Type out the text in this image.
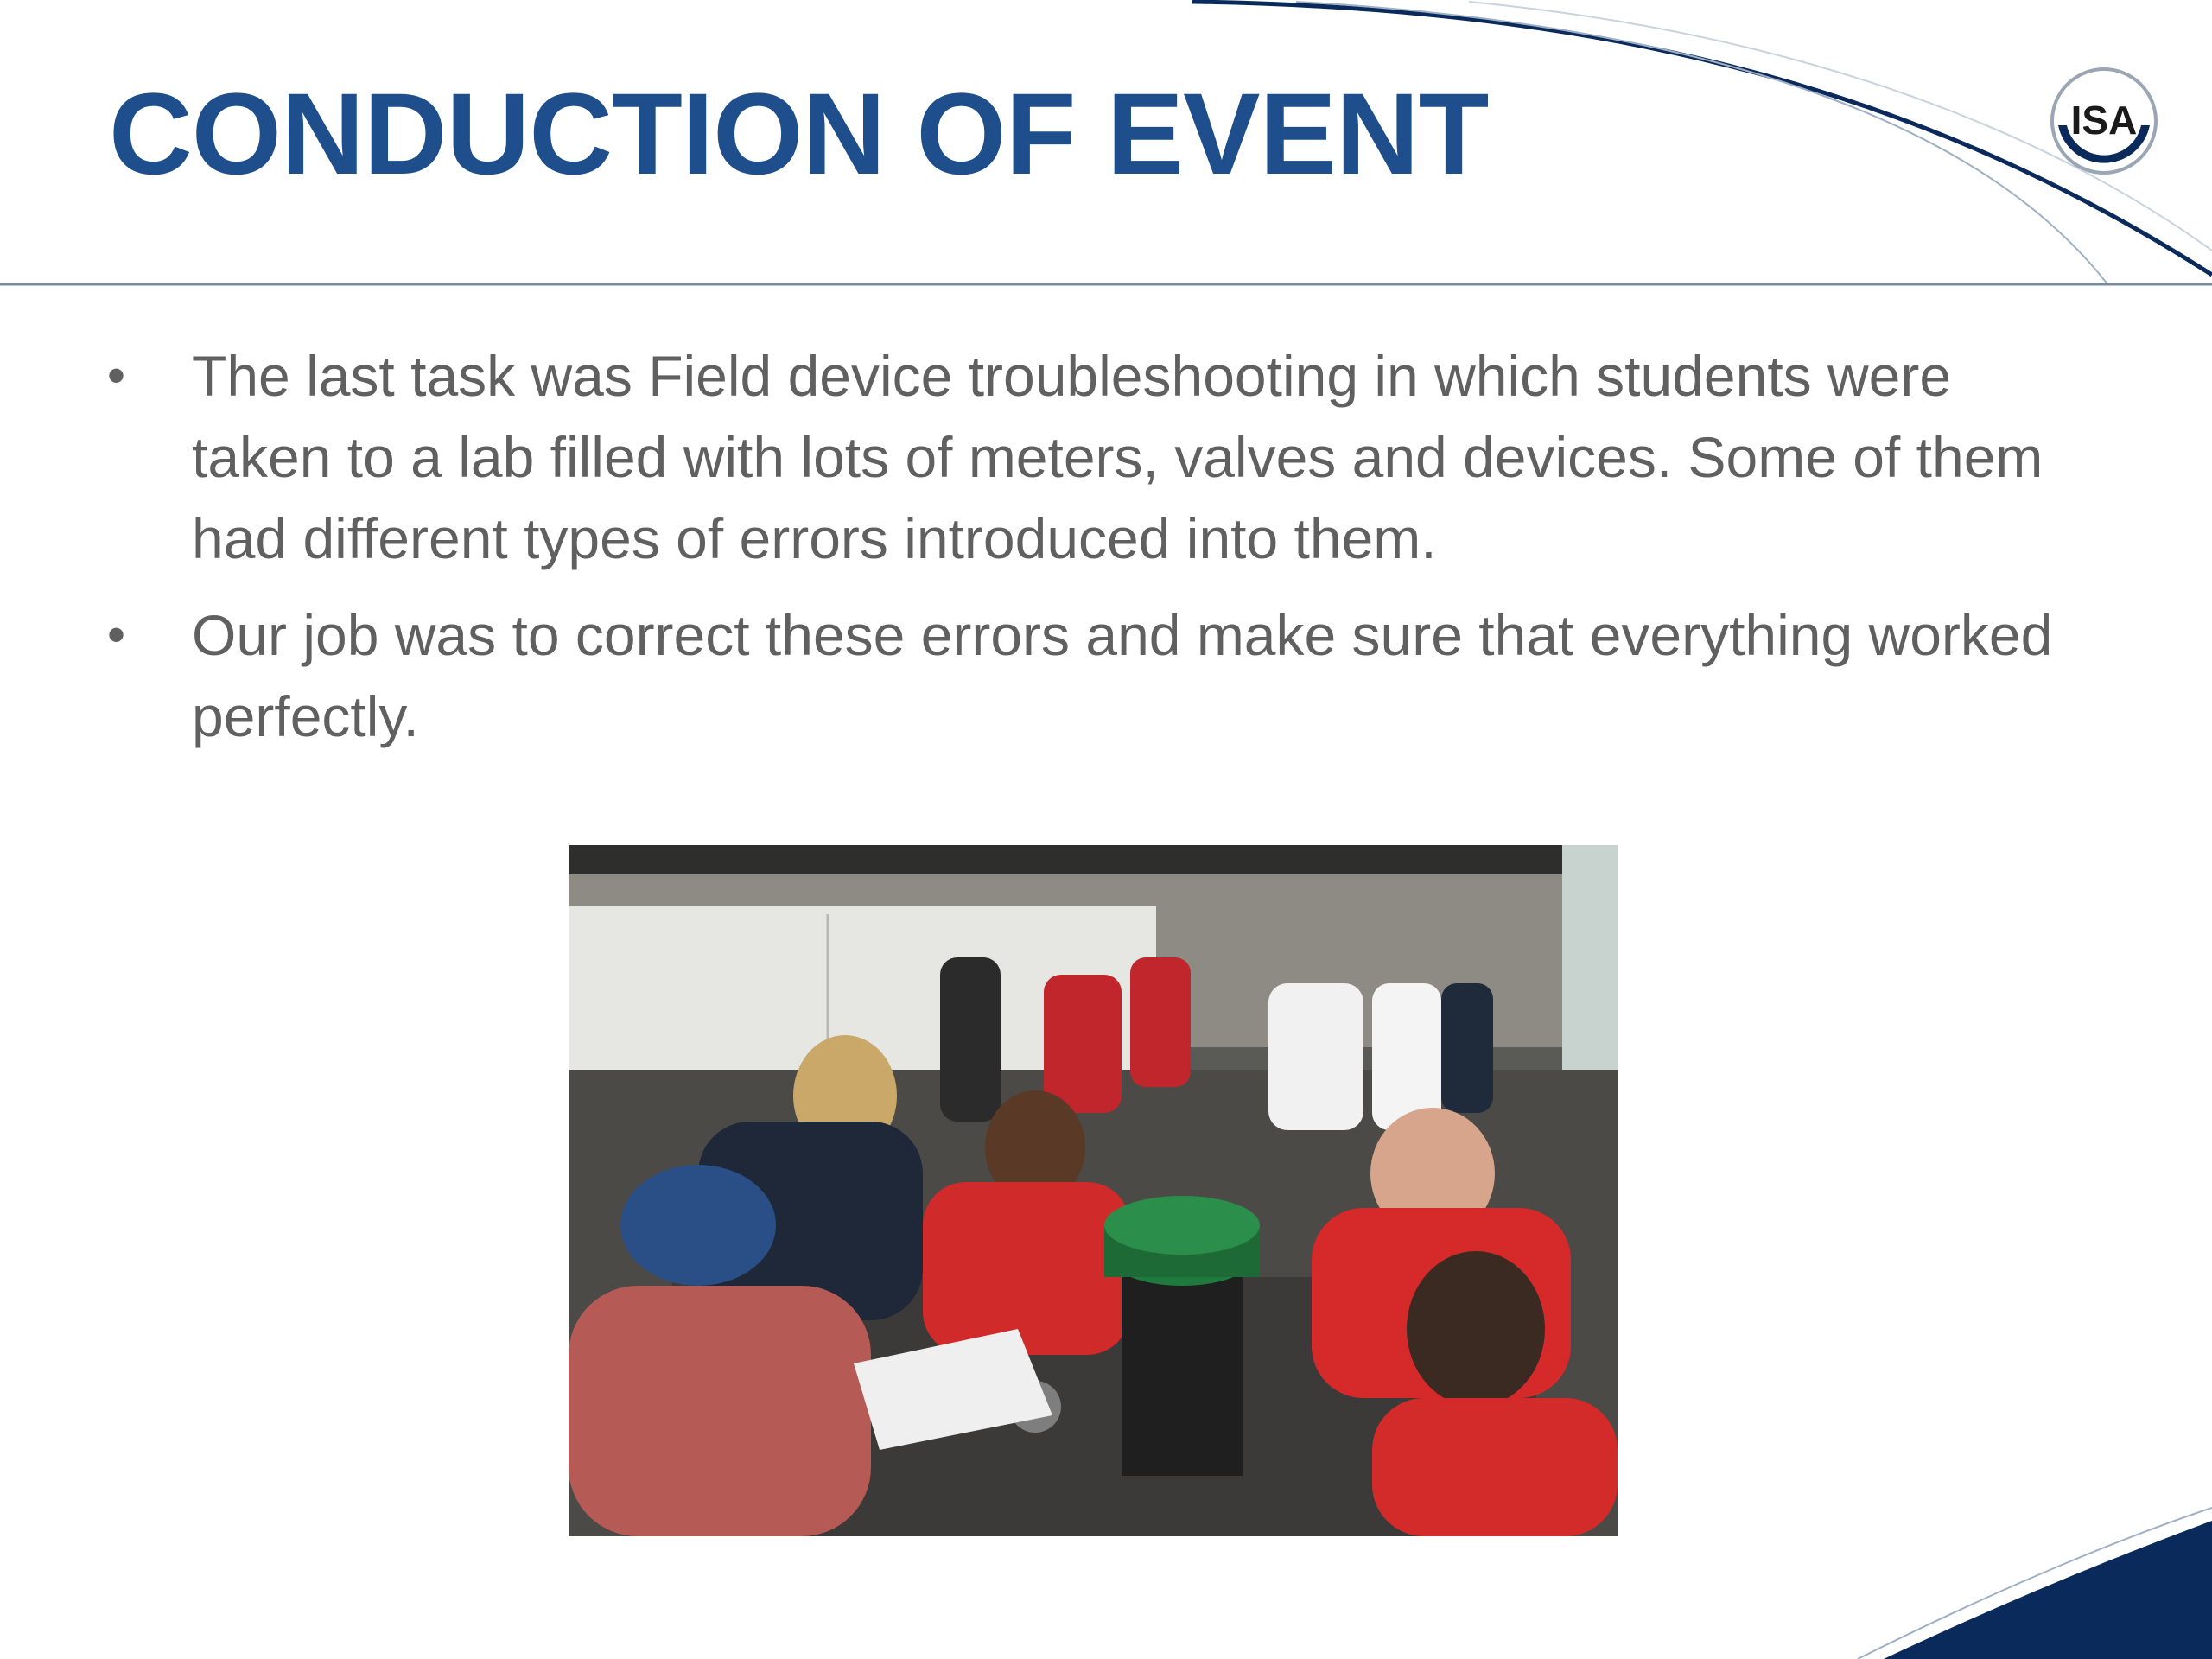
CONDUCTION OF EVENT	ISA
• The last task was Field device troubleshooting in which students were taken to a lab filled with lots of meters, valves and devices. Some of them had different types of errors introduced into them.
• Our job was to correct these errors and make sure that everything worked perfectly.
